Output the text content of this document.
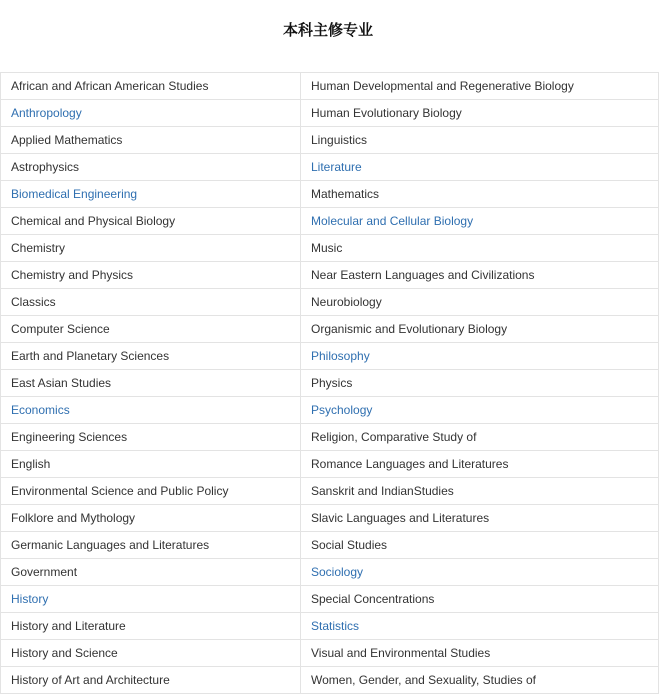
本科主修专业
African and African American Studies	Human Developmental and Regenerative Biology
Anthropology	Human Evolutionary Biology
Applied Mathematics	Linguistics
Astrophysics	Literature
Biomedical Engineering	Mathematics
Chemical and Physical Biology	Molecular and Cellular Biology
Chemistry	Music
Chemistry and Physics	Near Eastern Languages and Civilizations
Classics	Neurobiology
Computer Science	Organismic and Evolutionary Biology
Earth and Planetary Sciences	Philosophy
East Asian Studies	Physics
Economics	Psychology
Engineering Sciences	Religion, Comparative Study of
English	Romance Languages and Literatures
Environmental Science and Public Policy	Sanskrit and IndianStudies
Folklore and Mythology	Slavic Languages and Literatures
Germanic Languages and Literatures	Social Studies
Government	Sociology
History	Special Concentrations
History and Literature	Statistics
History and Science	Visual and Environmental Studies
History of Art and Architecture	Women, Gender, and Sexuality, Studies of
